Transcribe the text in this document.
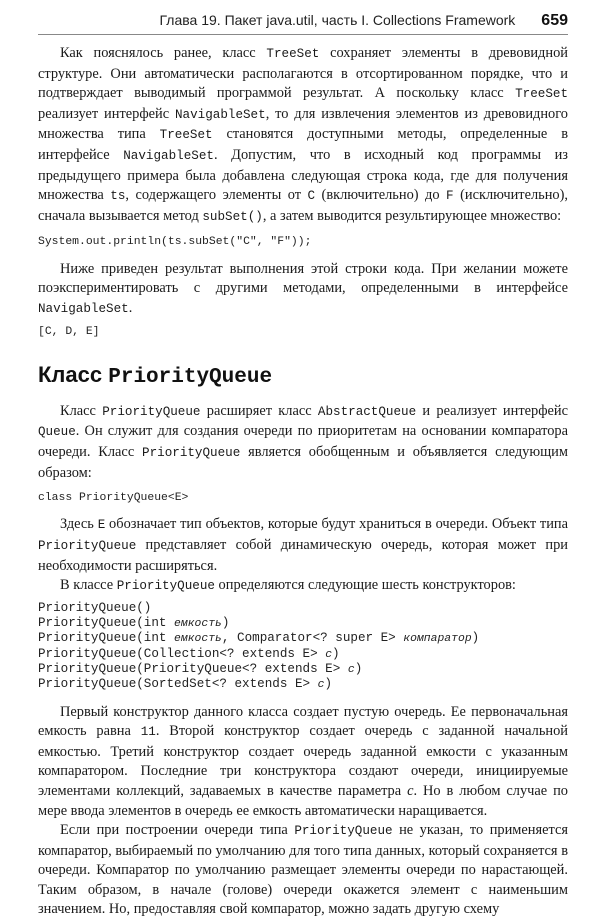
Глава 19. Пакет java.util, часть I. Collections Framework 659

Как пояснялось ранее, класс TreeSet сохраняет элементы в древовидной структуре. Они автоматически располагаются в отсортированном порядке, что и подтверждает выводимый программой результат. А поскольку класс TreeSet реализует интерфейс NavigableSet, то для извлечения элементов из древовидного множества типа TreeSet становятся доступными методы, определенные в интерфейсе NavigableSet. Допустим, что в исходный код программы из предыдущего примера была добавлена следующая строка кода, где для получения множества ts, содержащего элементы от C (включительно) до F (исключительно), сначала вызывается метод subSet(), а затем выводится результирующее множество:

System.out.println(ts.subSet("C", "F"));

Ниже приведен результат выполнения этой строки кода. При желании можете поэкспериментировать с другими методами, определенными в интерфейсе NavigableSet.

[C, D, E]
Класс PriorityQueue

Класс PriorityQueue расширяет класс AbstractQueue и реализует интерфейс Queue. Он служит для создания очереди по приоритетам на основании компаратора очереди. Класс PriorityQueue является обобщенным и объявляется следующим образом:

class PriorityQueue<E>

Здесь E обозначает тип объектов, которые будут храниться в очереди. Объект типа PriorityQueue представляет собой динамическую очередь, которая может при необходимости расширяться.

В классе PriorityQueue определяются следующие шесть конструкторов:

PriorityQueue()
PriorityQueue(int емкость)
PriorityQueue(int емкость, Comparator<? super E> компаратор)
PriorityQueue(Collection<? extends E> c)
PriorityQueue(PriorityQueue<? extends E> c)
PriorityQueue(SortedSet<? extends E> c)

Первый конструктор данного класса создает пустую очередь. Ее первоначальная емкость равна 11. Второй конструктор создает очередь с заданной начальной емкостью. Третий конструктор создает очередь заданной емкости с указанным компаратором. Последние три конструктора создают очереди, инициируемые элементами коллекций, задаваемых в качестве параметра с. Но в любом случае по мере ввода элементов в очередь ее емкость автоматически наращивается.

Если при построении очереди типа PriorityQueue не указан, то применяется компаратор, выбираемый по умолчанию для того типа данных, который сохраняется в очереди. Компаратор по умолчанию размещает элементы очереди по нарастающей. Таким образом, в начале (голове) очереди окажется элемент с наименьшим значением. Но, предоставляя свой компаратор, можно задать другую схему
